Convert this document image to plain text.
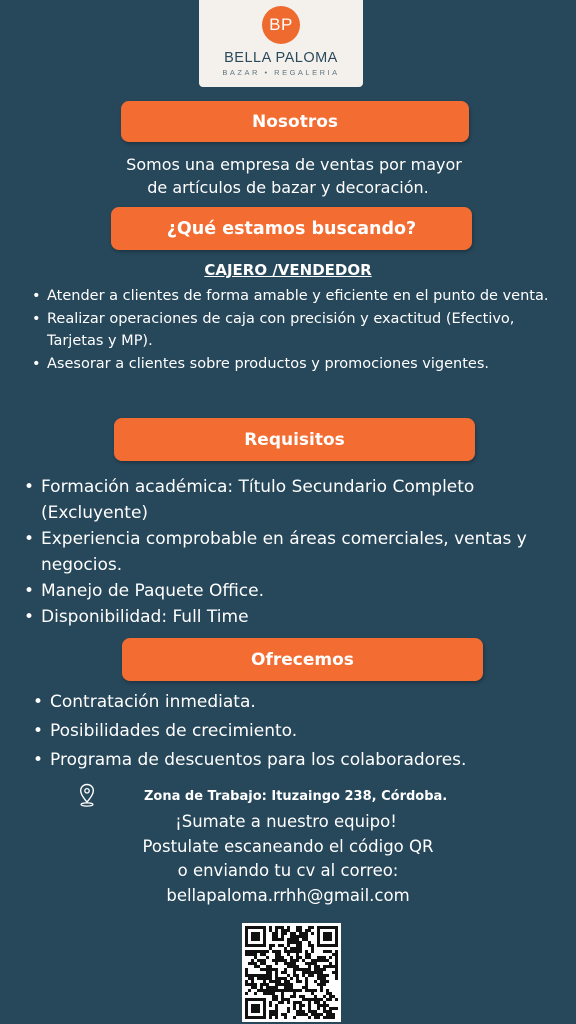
BP
BELLA PALOMA
BAZAR • REGALERIA
Nosotros
Somos una empresa de ventas por mayor
de artículos de bazar y decoración.
¿Qué estamos buscando?
CAJERO /VENDEDOR
• Atender a clientes de forma amable y eficiente en el punto de venta.
• Realizar operaciones de caja con precisión y exactitud (Efectivo, Tarjetas y MP).
• Asesorar a clientes sobre productos y promociones vigentes.
Requisitos
• Formación académica: Título Secundario Completo (Excluyente)
• Experiencia comprobable en áreas comerciales, ventas y negocios.
• Manejo de Paquete Office.
• Disponibilidad: Full Time
Ofrecemos
• Contratación inmediata.
• Posibilidades de crecimiento.
• Programa de descuentos para los colaboradores.
Zona de Trabajo: Ituzaingo 238, Córdoba.
¡Sumate a nuestro equipo!
Postulate escaneando el código QR
o enviando tu cv al correo:
bellapaloma.rrhh@gmail.com
